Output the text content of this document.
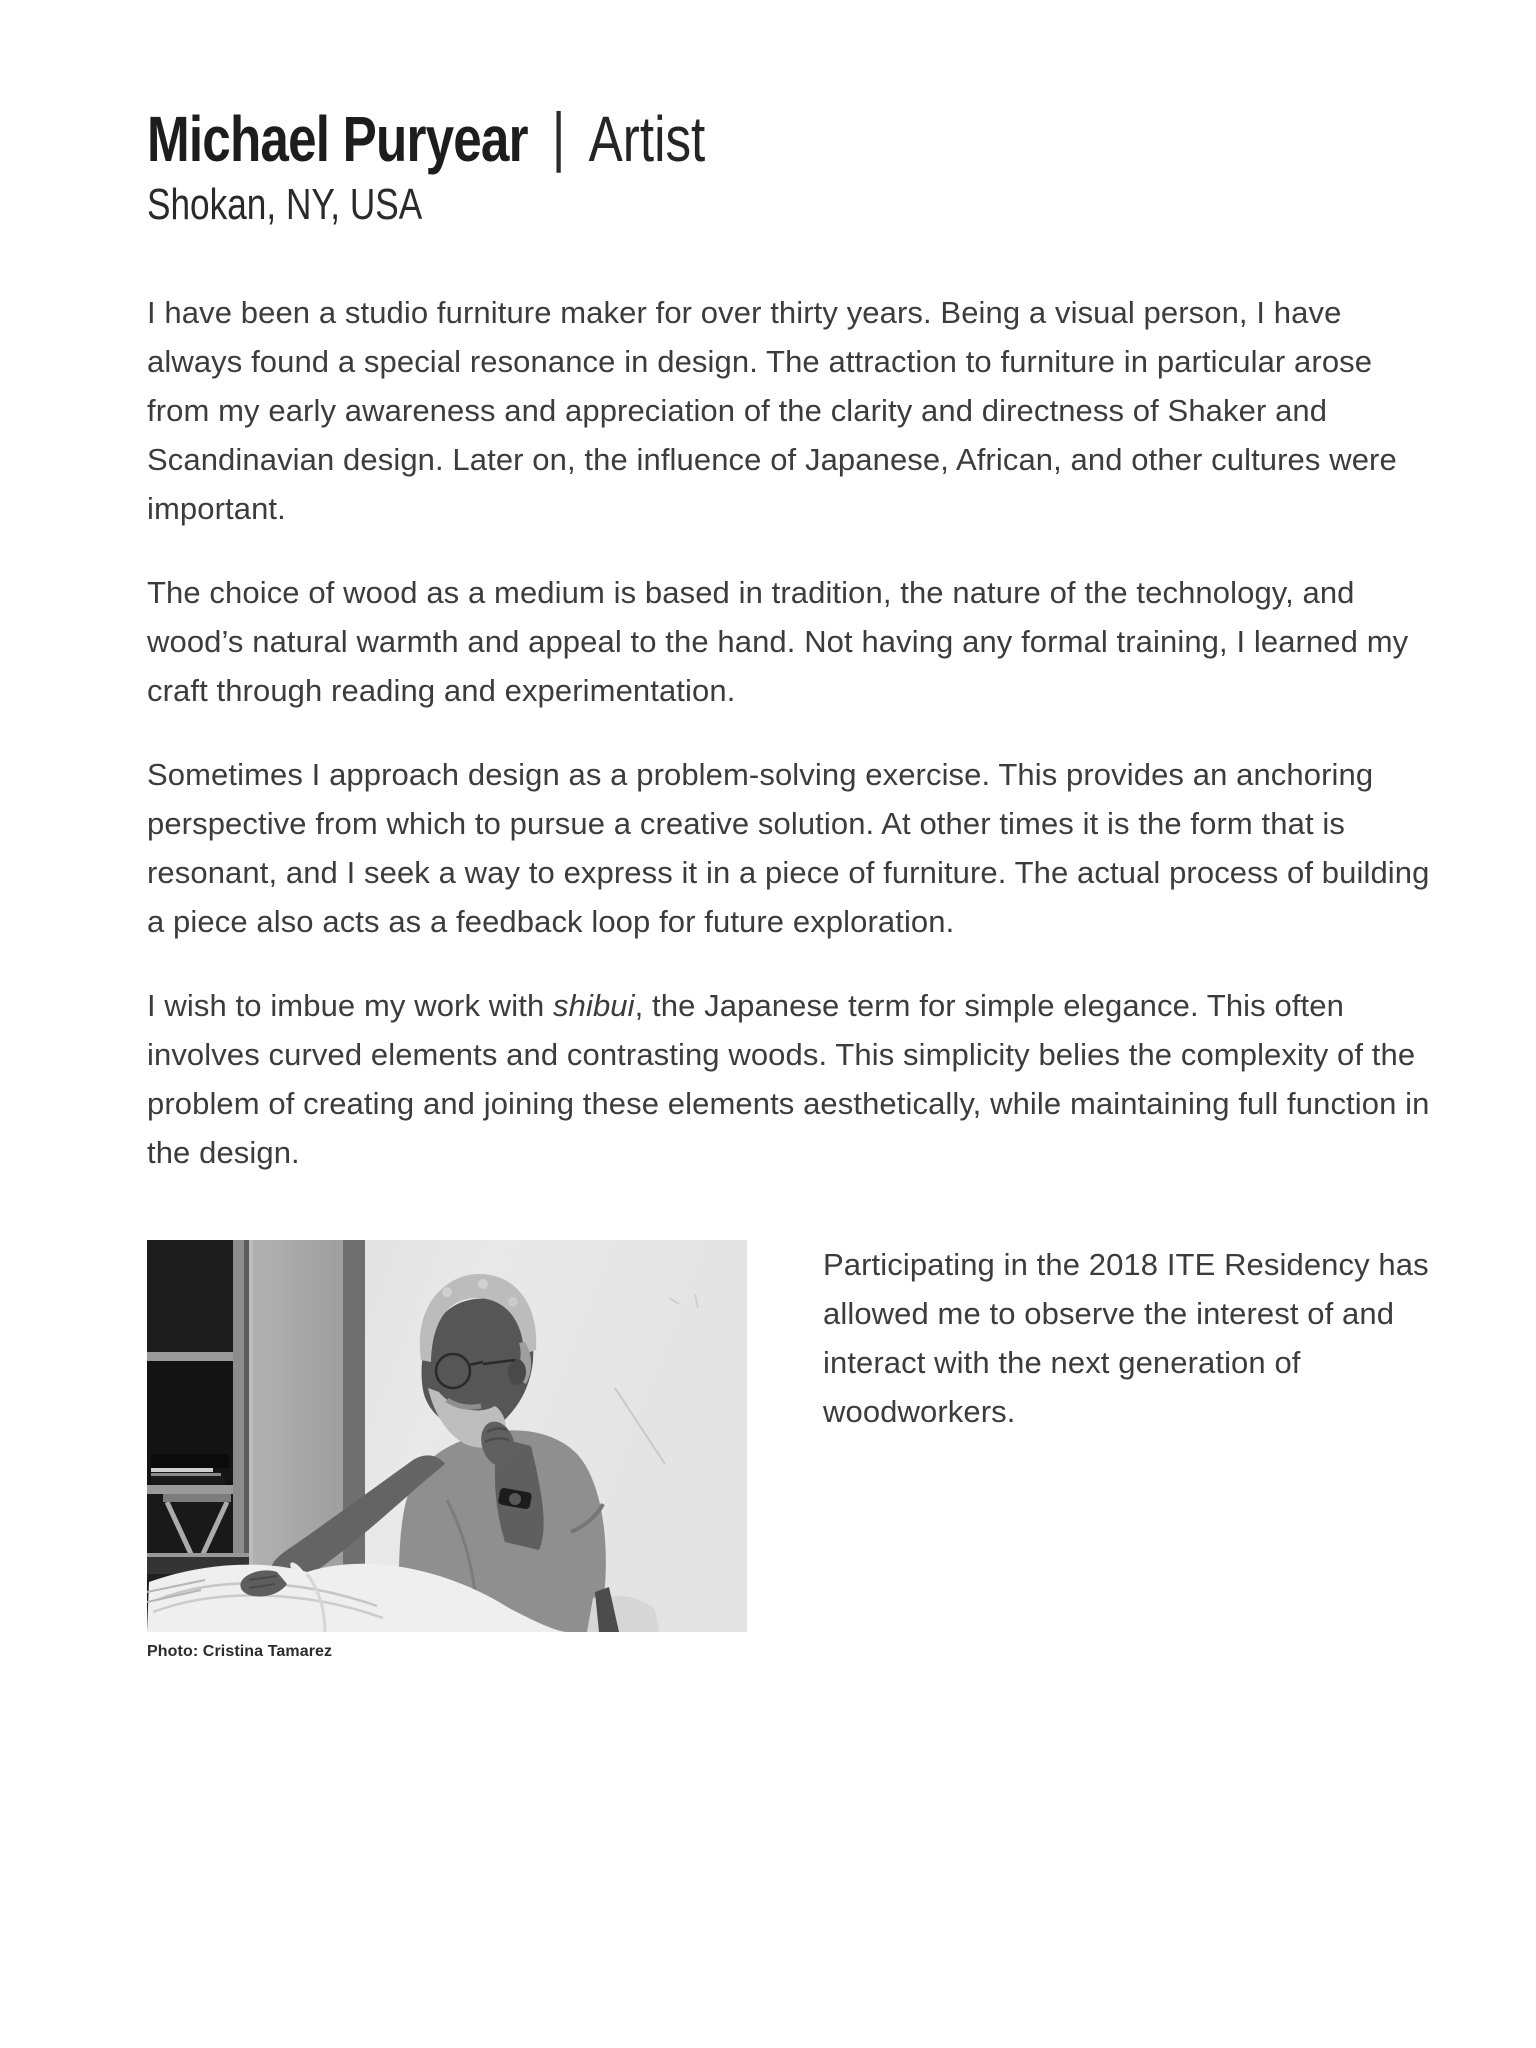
Michael Puryear | Artist
Shokan, NY, USA

I have been a studio furniture maker for over thirty years. Being a visual person, I have always found a special resonance in design. The attraction to furniture in particular arose from my early awareness and appreciation of the clarity and directness of Shaker and Scandinavian design. Later on, the influence of Japanese, African, and other cultures were important.

The choice of wood as a medium is based in tradition, the nature of the technology, and wood’s natural warmth and appeal to the hand. Not having any formal training, I learned my craft through reading and experimentation.

Sometimes I approach design as a problem-solving exercise. This provides an anchoring perspective from which to pursue a creative solution. At other times it is the form that is resonant, and I seek a way to express it in a piece of furniture. The actual process of building a piece also acts as a feedback loop for future exploration.

I wish to imbue my work with shibui, the Japanese term for simple elegance. This often involves curved elements and contrasting woods. This simplicity belies the complexity of the problem of creating and joining these elements aesthetically, while maintaining full function in the design.

Photo: Cristina Tamarez

Participating in the 2018 ITE Residency has allowed me to observe the interest of and interact with the next generation of woodworkers.
